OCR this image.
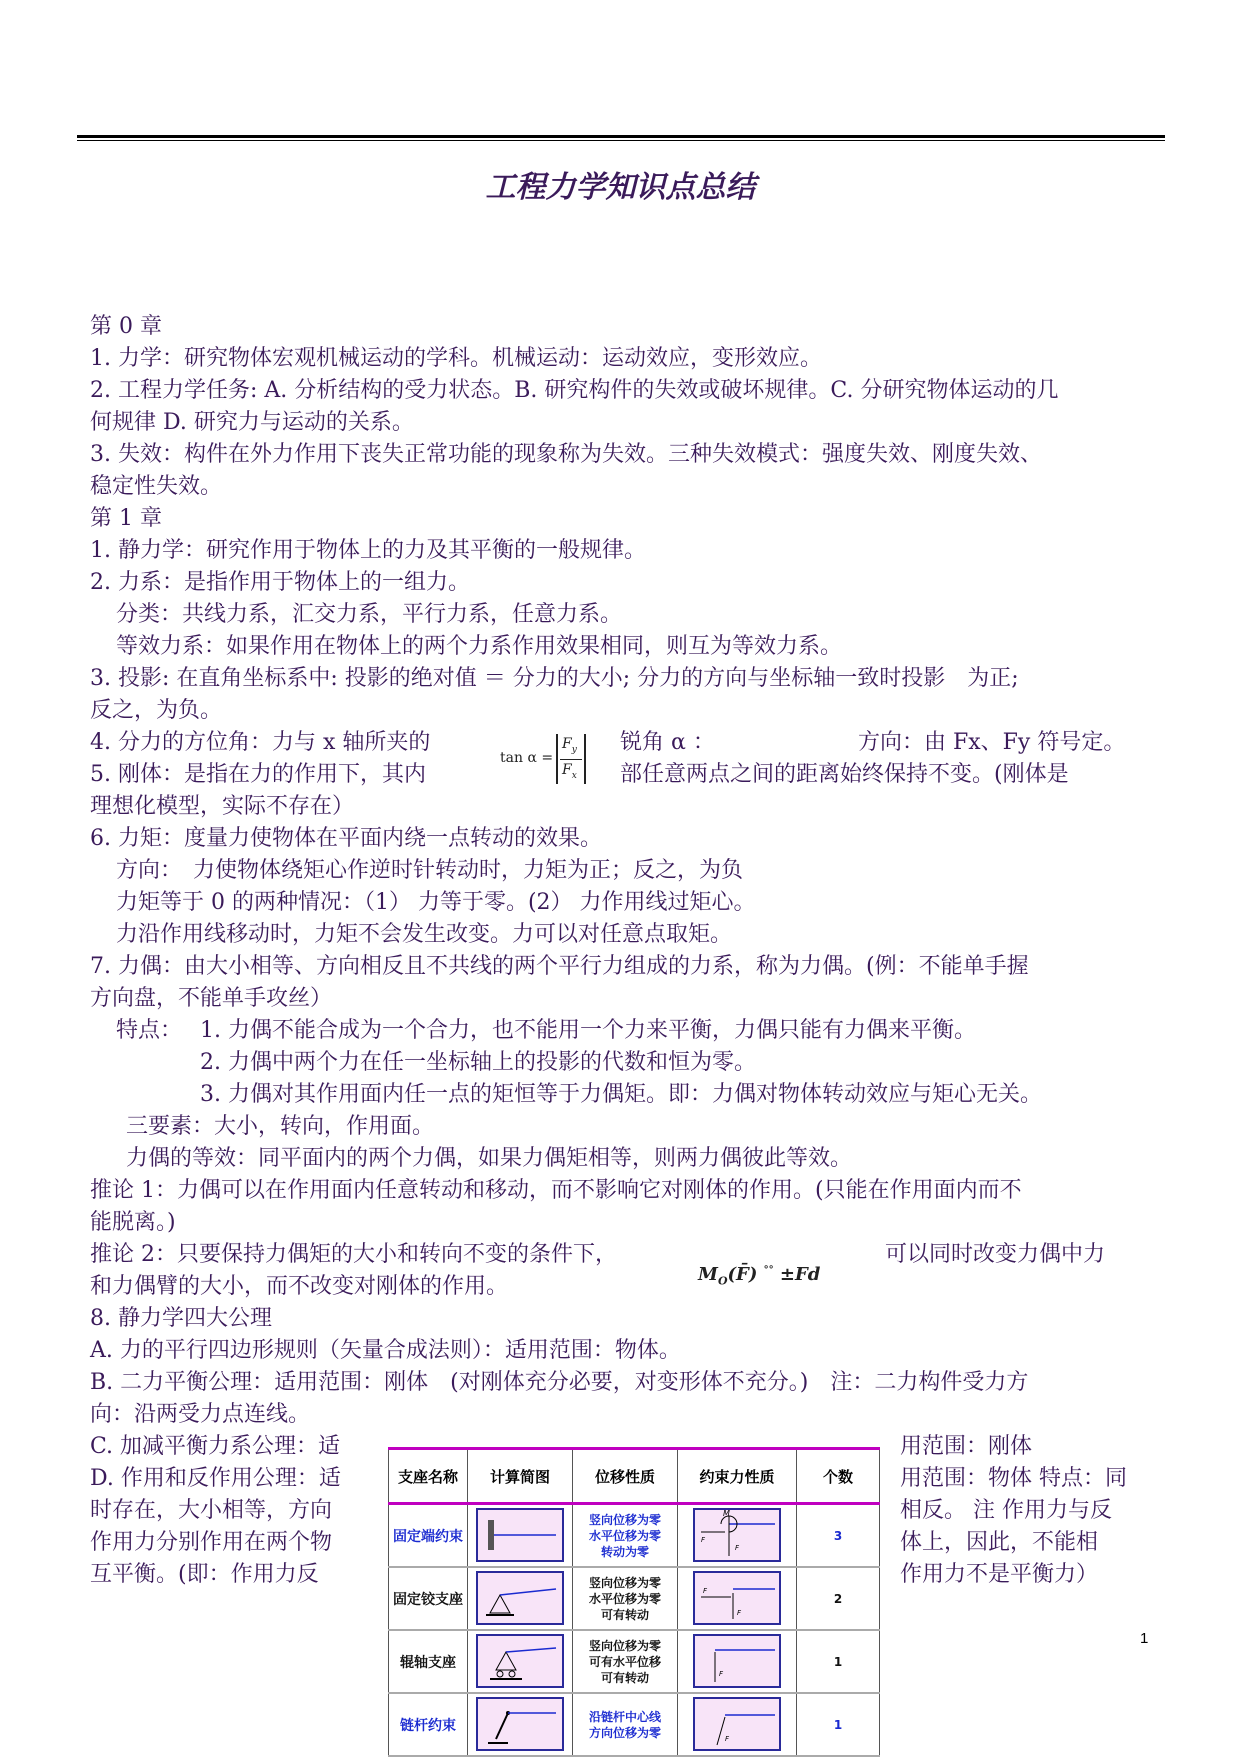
工程力学知识点总结
第 0 章
1. 力学：研究物体宏观机械运动的学科。机械运动：运动效应，变形效应。
2. 工程力学任务: A. 分析结构的受力状态。B. 研究构件的失效或破坏规律。C. 分研究物体运动的几
何规律 D. 研究力与运动的关系。
3. 失效：构件在外力作用下丧失正常功能的现象称为失效。三种失效模式：强度失效、刚度失效、
稳定性失效。
第 1 章
1. 静力学：研究作用于物体上的力及其平衡的一般规律。
2. 力系：是指作用于物体上的一组力。
分类：共线力系，汇交力系，平行力系，任意力系。
等效力系：如果作用在物体上的两个力系作用效果相同，则互为等效力系。
3. 投影: 在直角坐标系中: 投影的绝对值 ＝ 分力的大小; 分力的方向与坐标轴一致时投影　为正;
反之，为负。
4. 分力的方位角：力与 x 轴所夹的	锐角 α ：	方向：由 Fx、Fy 符号定。
tan α =
$F_y$
$F_x$
5. 刚体：是指在力的作用下，其内	部任意两点之间的距离始终保持不变。(刚体是
理想化模型，实际不存在）
6. 力矩：度量力使物体在平面内绕一点转动的效果。
方向：　力使物体绕矩心作逆时针转动时，力矩为正；反之，为负
力矩等于 0 的两种情况：（1） 力等于零。(2） 力作用线过矩心。
力沿作用线移动时，力矩不会发生改变。力可以对任意点取矩。
7. 力偶：由大小相等、方向相反且不共线的两个平行力组成的力系，称为力偶。(例：不能单手握
方向盘，不能单手攻丝）
特点： 1. 力偶不能合成为一个合力，也不能用一个力来平衡，力偶只能有力偶来平衡。
2. 力偶中两个力在任一坐标轴上的投影的代数和恒为零。
3. 力偶对其作用面内任一点的矩恒等于力偶矩。即：力偶对物体转动效应与矩心无关。
三要素：大小，转向，作用面。
力偶的等效：同平面内的两个力偶，如果力偶矩相等，则两力偶彼此等效。
推论 1：力偶可以在作用面内任意转动和移动，而不影响它对刚体的作用。(只能在作用面内而不
能脱离。)
推论 2：只要保持力偶矩的大小和转向不变的条件下，	可以同时改变力偶中力
$M_O(F̄)$ °° ±Fd
和力偶臂的大小，而不改变对刚体的作用。
8. 静力学四大公理
A. 力的平行四边形规则（矢量合成法则）：适用范围：物体。
B. 二力平衡公理：适用范围：刚体　(对刚体充分必要，对变形体不充分。)　注：二力构件受力方
向：沿两受力点连线。
C. 加减平衡力系公理：适	用范围：刚体
D. 作用和反作用公理：适	用范围：物体 特点：同
时存在，大小相等，方向	相反。 注 作用力与反
作用力分别作用在两个物	体上，因此，不能相
互平衡。(即：作用力反	作用力不是平衡力）
1
支座名称	计算简图	位移性质	约束力性质	个数
固定端约束		竖向位移为零
水平位移为零
转动为零	M
F
F	3
固定铰支座		竖向位移为零
水平位移为零
可有转动	F
F	2
辊轴支座		竖向位移为零
可有水平位移
可有转动	F	1
链杆约束		沿链杆中心线
方向位移为零	F	1
